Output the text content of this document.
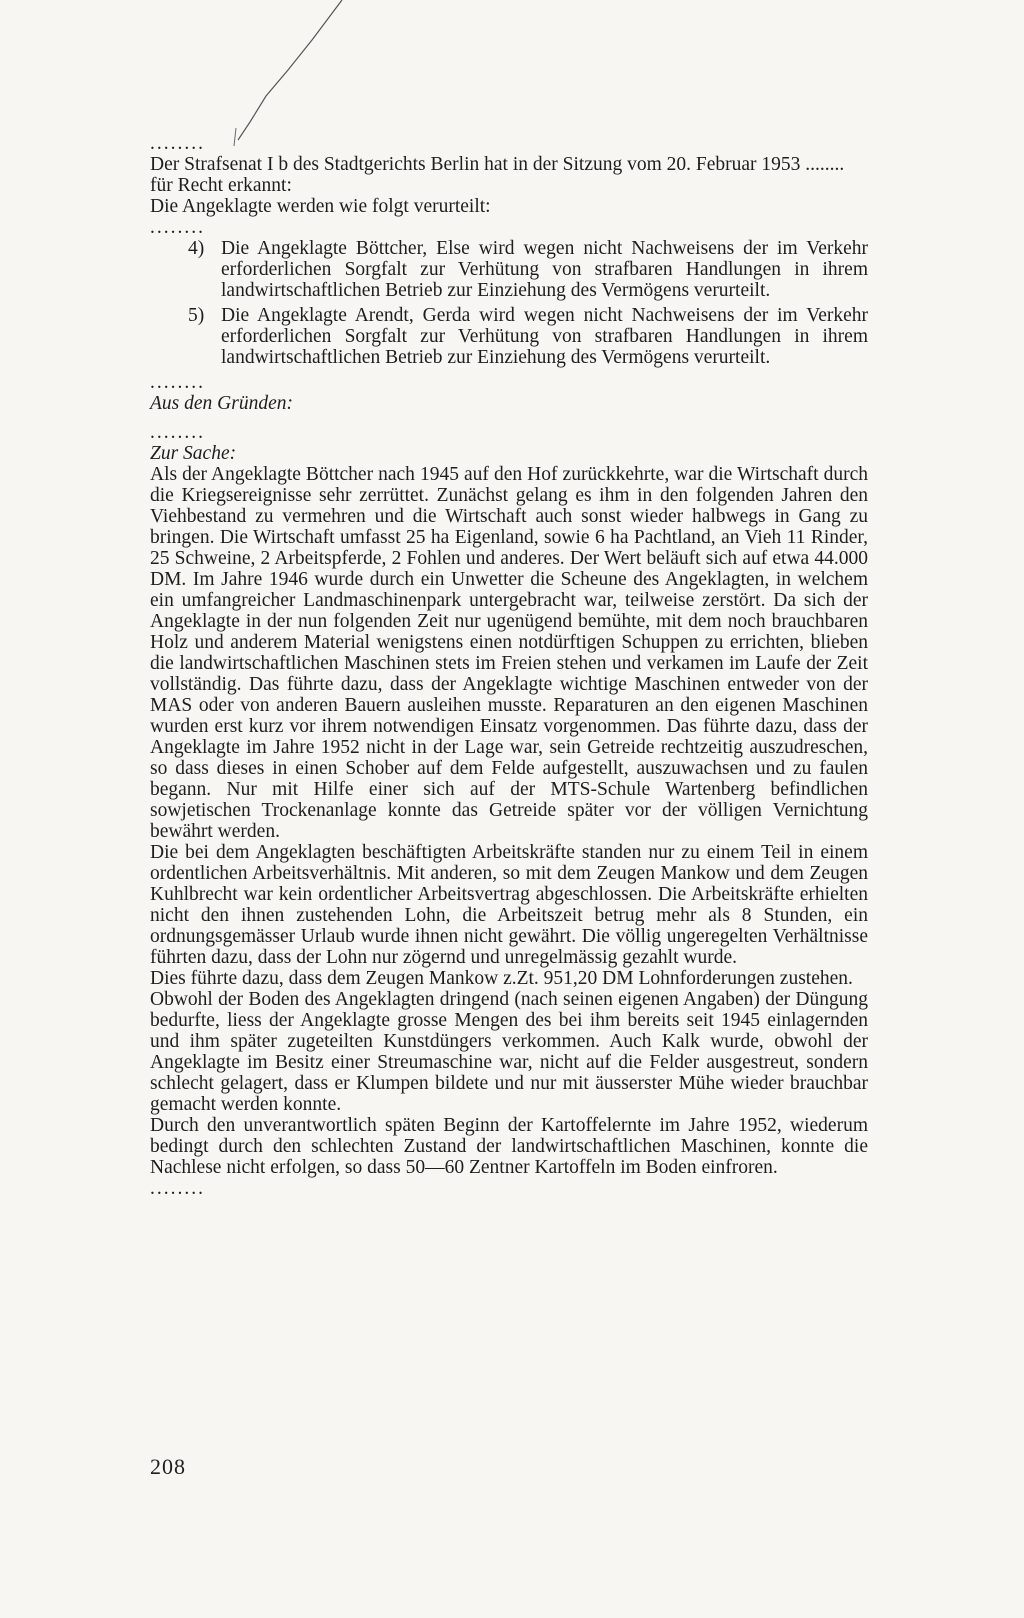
........

Der Strafsenat I b des Stadtgerichts Berlin hat in der Sitzung vom 20. Februar 1953 ........

für Recht erkannt:

Die Angeklagte werden wie folgt verurteilt:

........
4) Die Angeklagte Böttcher, Else wird wegen nicht Nachweisens der im Verkehr erforderlichen Sorgfalt zur Verhütung von strafbaren Handlungen in ihrem landwirtschaftlichen Betrieb zur Einziehung des Vermögens verurteilt.
5) Die Angeklagte Arendt, Gerda wird wegen nicht Nachweisens der im Verkehr erforderlichen Sorgfalt zur Verhütung von strafbaren Handlungen in ihrem landwirtschaftlichen Betrieb zur Einziehung des Vermögens verurteilt.
........

Aus den Gründen:

........

Zur Sache:

Als der Angeklagte Böttcher nach 1945 auf den Hof zurückkehrte, war die Wirtschaft durch die Kriegsereignisse sehr zerrüttet. Zunächst gelang es ihm in den folgenden Jahren den Viehbestand zu vermehren und die Wirtschaft auch sonst wieder halbwegs in Gang zu bringen. Die Wirtschaft umfasst 25 ha Eigenland, sowie 6 ha Pachtland, an Vieh 11 Rinder, 25 Schweine, 2 Arbeitspferde, 2 Fohlen und anderes. Der Wert beläuft sich auf etwa 44.000 DM. Im Jahre 1946 wurde durch ein Unwetter die Scheune des Angeklagten, in welchem ein umfangreicher Landmaschinenpark untergebracht war, teilweise zerstört. Da sich der Angeklagte in der nun folgenden Zeit nur ugenügend bemühte, mit dem noch brauchbaren Holz und anderem Material wenigstens einen notdürftigen Schuppen zu errichten, blieben die landwirtschaftlichen Maschinen stets im Freien stehen und verkamen im Laufe der Zeit vollständig. Das führte dazu, dass der Angeklagte wichtige Maschinen entweder von der MAS oder von anderen Bauern ausleihen musste. Reparaturen an den eigenen Maschinen wurden erst kurz vor ihrem notwendigen Einsatz vorgenommen. Das führte dazu, dass der Angeklagte im Jahre 1952 nicht in der Lage war, sein Getreide rechtzeitig auszudreschen, so dass dieses in einen Schober auf dem Felde aufgestellt, auszuwachsen und zu faulen begann. Nur mit Hilfe einer sich auf der MTS-Schule Wartenberg befindlichen sowjetischen Trockenanlage konnte das Getreide später vor der völligen Vernichtung bewährt werden.

Die bei dem Angeklagten beschäftigten Arbeitskräfte standen nur zu einem Teil in einem ordentlichen Arbeitsverhältnis. Mit anderen, so mit dem Zeugen Mankow und dem Zeugen Kuhlbrecht war kein ordentlicher Arbeitsvertrag abgeschlossen. Die Arbeitskräfte erhielten nicht den ihnen zustehenden Lohn, die Arbeitszeit betrug mehr als 8 Stunden, ein ordnungsgemässer Urlaub wurde ihnen nicht gewährt. Die völlig ungeregelten Verhältnisse führten dazu, dass der Lohn nur zögernd und unregelmässig gezahlt wurde.

Dies führte dazu, dass dem Zeugen Mankow z.Zt. 951,20 DM Lohnforderungen zustehen.

Obwohl der Boden des Angeklagten dringend (nach seinen eigenen Angaben) der Düngung bedurfte, liess der Angeklagte grosse Mengen des bei ihm bereits seit 1945 einlagernden und ihm später zugeteilten Kunstdüngers verkommen. Auch Kalk wurde, obwohl der Angeklagte im Besitz einer Streumaschine war, nicht auf die Felder ausgestreut, sondern schlecht gelagert, dass er Klumpen bildete und nur mit äusserster Mühe wieder brauchbar gemacht werden konnte.

Durch den unverantwortlich späten Beginn der Kartoffelernte im Jahre 1952, wiederum bedingt durch den schlechten Zustand der landwirtschaftlichen Maschinen, konnte die Nachlese nicht erfolgen, so dass 50—60 Zentner Kartoffeln im Boden einfroren.

........
208
